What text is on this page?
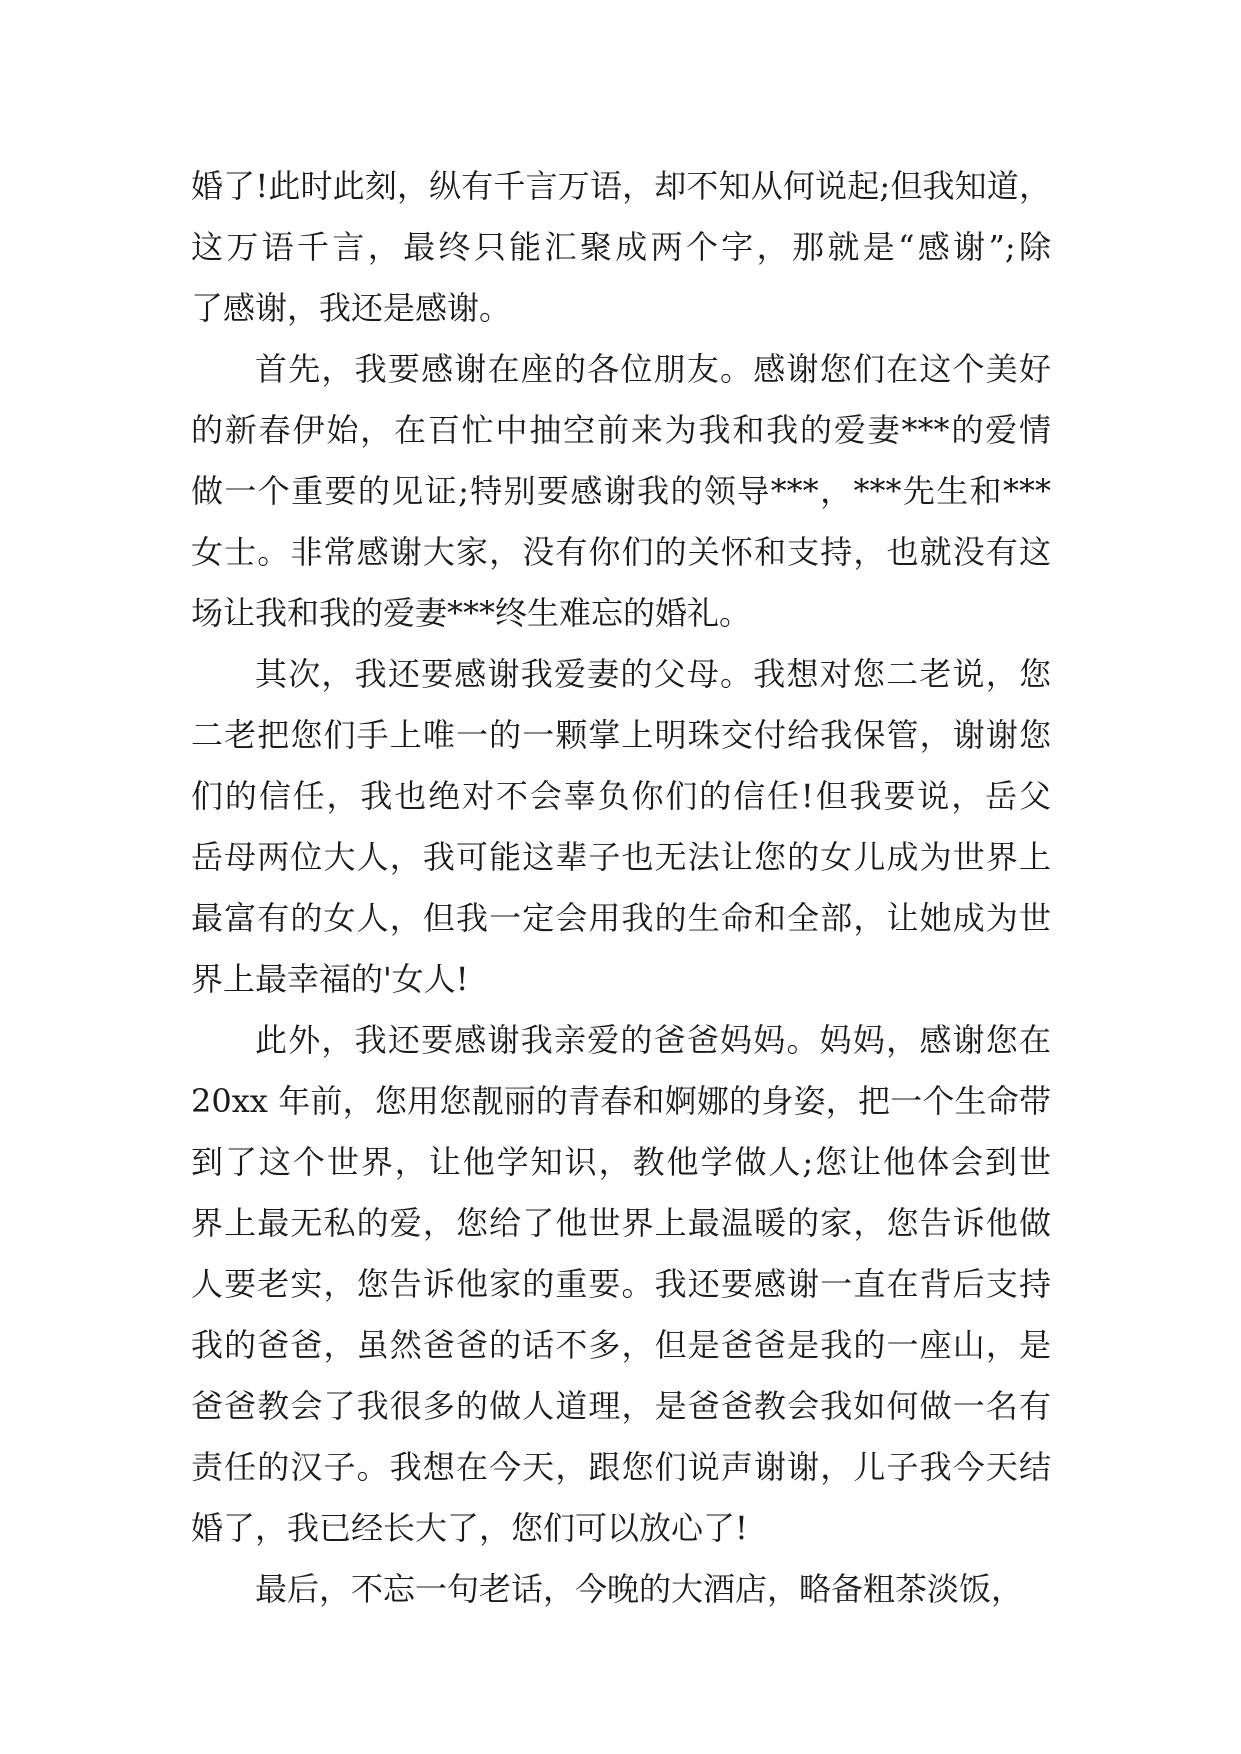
婚了!此时此刻，纵有千言万语，却不知从何说起;但我知道，
这万语千言，最终只能汇聚成两个字，那就是“感谢”;除
了感谢，我还是感谢。
首先，我要感谢在座的各位朋友。感谢您们在这个美好
的新春伊始，在百忙中抽空前来为我和我的爱妻***的爱情
做一个重要的见证;特别要感谢我的领导***，***先生和***
女士。非常感谢大家，没有你们的关怀和支持，也就没有这
场让我和我的爱妻***终生难忘的婚礼。
其次，我还要感谢我爱妻的父母。我想对您二老说，您
二老把您们手上唯一的一颗掌上明珠交付给我保管，谢谢您
们的信任，我也绝对不会辜负你们的信任!但我要说，岳父
岳母两位大人，我可能这辈子也无法让您的女儿成为世界上
最富有的女人，但我一定会用我的生命和全部，让她成为世
界上最幸福的'女人!
此外，我还要感谢我亲爱的爸爸妈妈。妈妈，感谢您在
20xx 年前，您用您靓丽的青春和婀娜的身姿，把一个生命带
到了这个世界，让他学知识，教他学做人;您让他体会到世
界上最无私的爱，您给了他世界上最温暖的家，您告诉他做
人要老实，您告诉他家的重要。我还要感谢一直在背后支持
我的爸爸，虽然爸爸的话不多，但是爸爸是我的一座山，是
爸爸教会了我很多的做人道理，是爸爸教会我如何做一名有
责任的汉子。我想在今天，跟您们说声谢谢，儿子我今天结
婚了，我已经长大了，您们可以放心了!
最后，不忘一句老话，今晚的大酒店，略备粗茶淡饭，
